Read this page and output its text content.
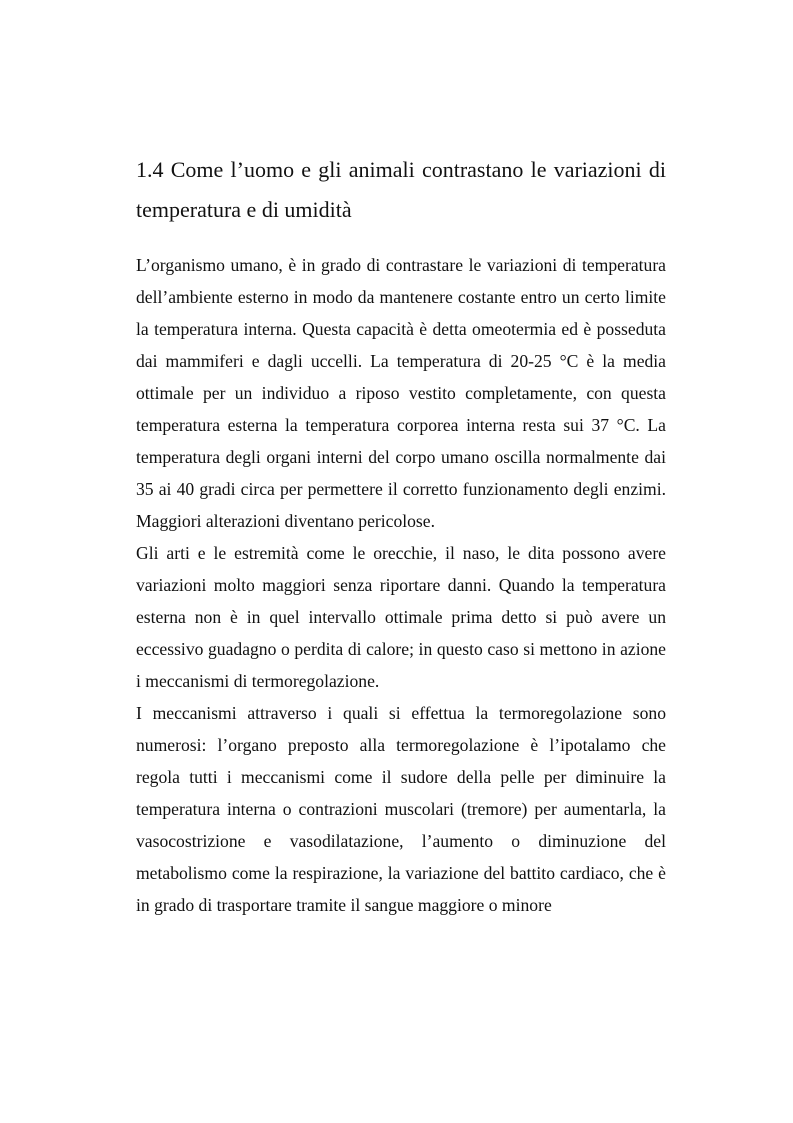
1.4 Come l’uomo e gli animali contrastano le variazioni di temperatura e di umidità

L’organismo umano, è in grado di contrastare le variazioni di temperatura dell’ambiente esterno in modo da mantenere costante entro un certo limite la temperatura interna. Questa capacità è detta omeotermia ed è posseduta dai mammiferi e dagli uccelli. La temperatura di 20-25 °C è la media ottimale per un individuo a riposo vestito completamente, con questa temperatura esterna la temperatura corporea interna resta sui 37 °C. La temperatura degli organi interni del corpo umano oscilla normalmente dai 35 ai 40 gradi circa per permettere il corretto funzionamento degli enzimi. Maggiori alterazioni diventano pericolose.

Gli arti e le estremità come le orecchie, il naso, le dita possono avere variazioni molto maggiori senza riportare danni. Quando la temperatura esterna non è in quel intervallo ottimale prima detto si può avere un eccessivo guadagno o perdita di calore; in questo caso si mettono in azione i meccanismi di termoregolazione.

I meccanismi attraverso i quali si effettua la termoregolazione sono numerosi: l’organo preposto alla termoregolazione è l’ipotalamo che regola tutti i meccanismi come il sudore della pelle per diminuire la temperatura interna o contrazioni muscolari (tremore) per aumentarla, la vasocostrizione e vasodilatazione, l’aumento o diminuzione del metabolismo come la respirazione, la variazione del battito cardiaco, che è in grado di trasportare tramite il sangue maggiore o minore
